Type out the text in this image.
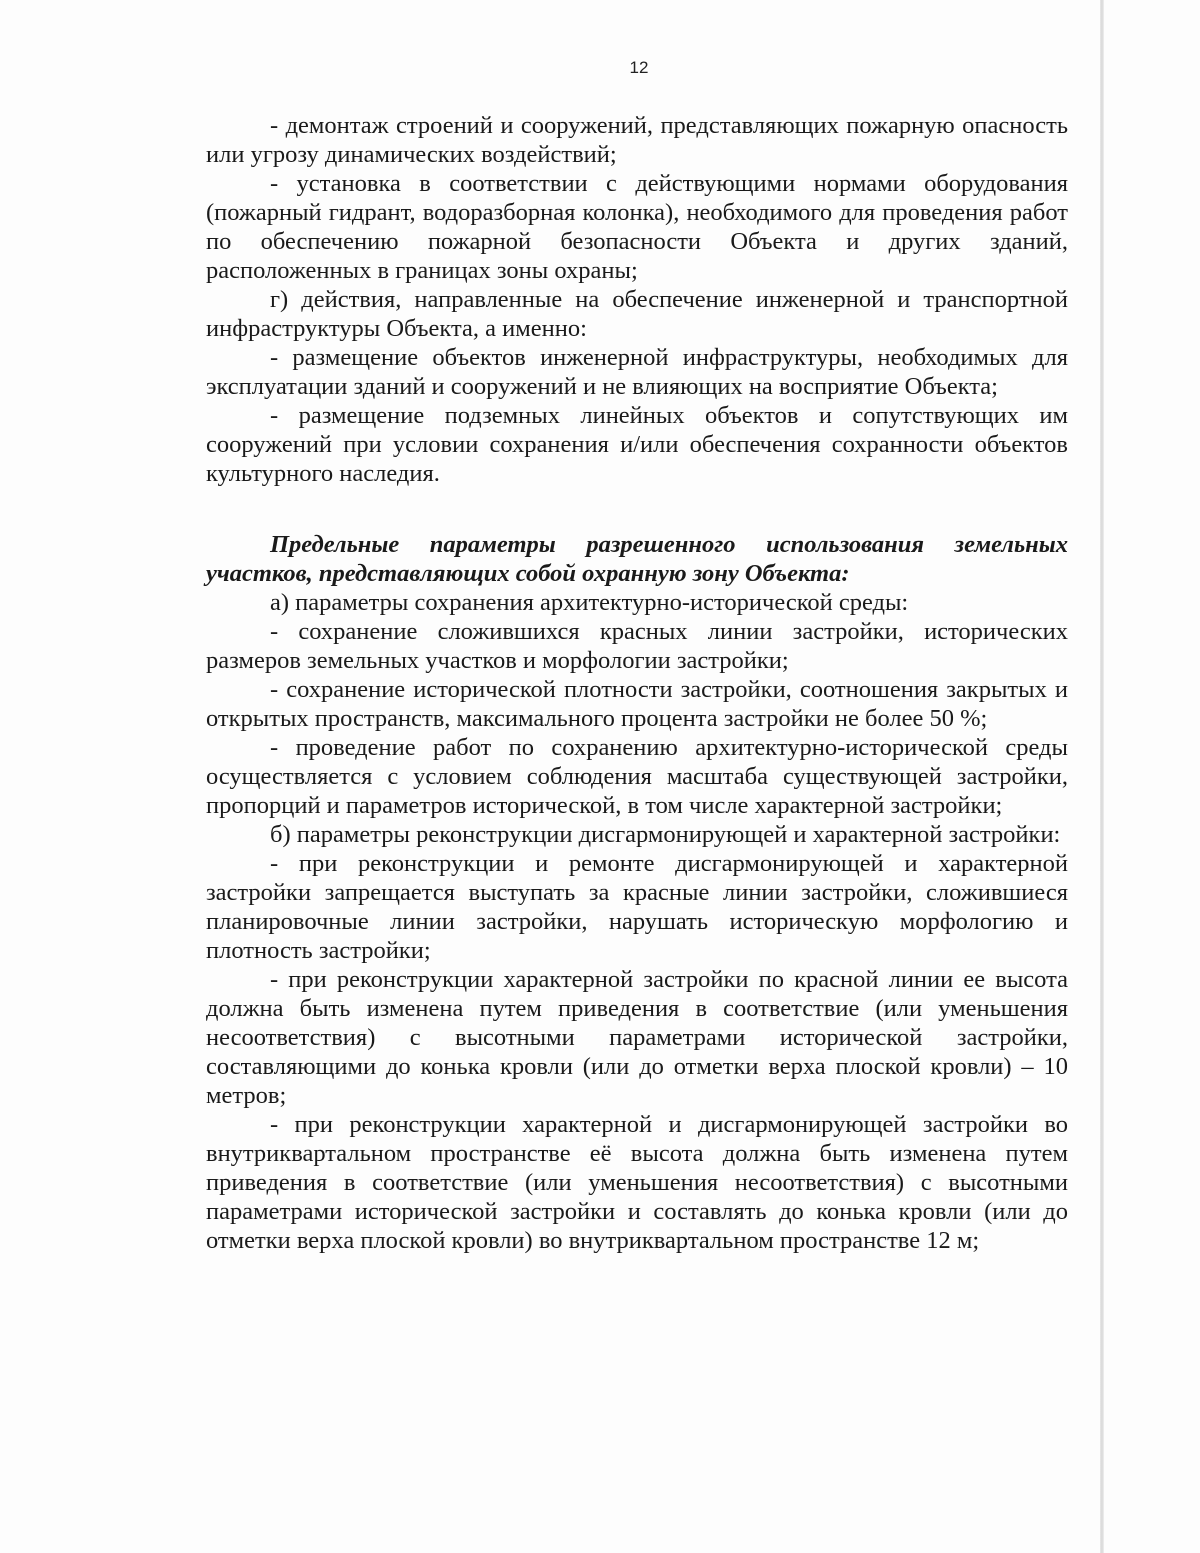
12

- демонтаж строений и сооружений, представляющих пожарную опасность или угрозу динамических воздействий;

- установка в соответствии с действующими нормами оборудования (пожарный гидрант, водоразборная колонка), необходимого для проведения работ по обеспечению пожарной безопасности Объекта и других зданий, расположенных в границах зоны охраны;

г) действия, направленные на обеспечение инженерной и транспортной инфраструктуры Объекта, а именно:

- размещение объектов инженерной инфраструктуры, необходимых для эксплуатации зданий и сооружений и не влияющих на восприятие Объекта;

- размещение подземных линейных объектов и сопутствующих им сооружений при условии сохранения и/или обеспечения сохранности объектов культурного наследия.

Предельные параметры разрешенного использования земельных участков, представляющих собой охранную зону Объекта:

а) параметры сохранения архитектурно-исторической среды:

- сохранение сложившихся красных линии застройки, исторических размеров земельных участков и морфологии застройки;

- сохранение исторической плотности застройки, соотношения закрытых и открытых пространств, максимального процента застройки не более 50 %;

- проведение работ по сохранению архитектурно-исторической среды осуществляется с условием соблюдения масштаба существующей застройки, пропорций и параметров исторической, в том числе характерной застройки;

б) параметры реконструкции дисгармонирующей и характерной застройки:

- при реконструкции и ремонте дисгармонирующей и характерной застройки запрещается выступать за красные линии застройки, сложившиеся планировочные линии застройки, нарушать историческую морфологию и плотность застройки;

- при реконструкции характерной застройки по красной линии ее высота должна быть изменена путем приведения в соответствие (или уменьшения несоответствия) с высотными параметрами исторической застройки, составляющими до конька кровли (или до отметки верха плоской кровли) – 10 метров;

- при реконструкции характерной и дисгармонирующей застройки во внутриквартальном пространстве её высота должна быть изменена путем приведения в соответствие (или уменьшения несоответствия) с высотными параметрами исторической застройки и составлять до конька кровли (или до отметки верха плоской кровли) во внутриквартальном пространстве 12 м;
